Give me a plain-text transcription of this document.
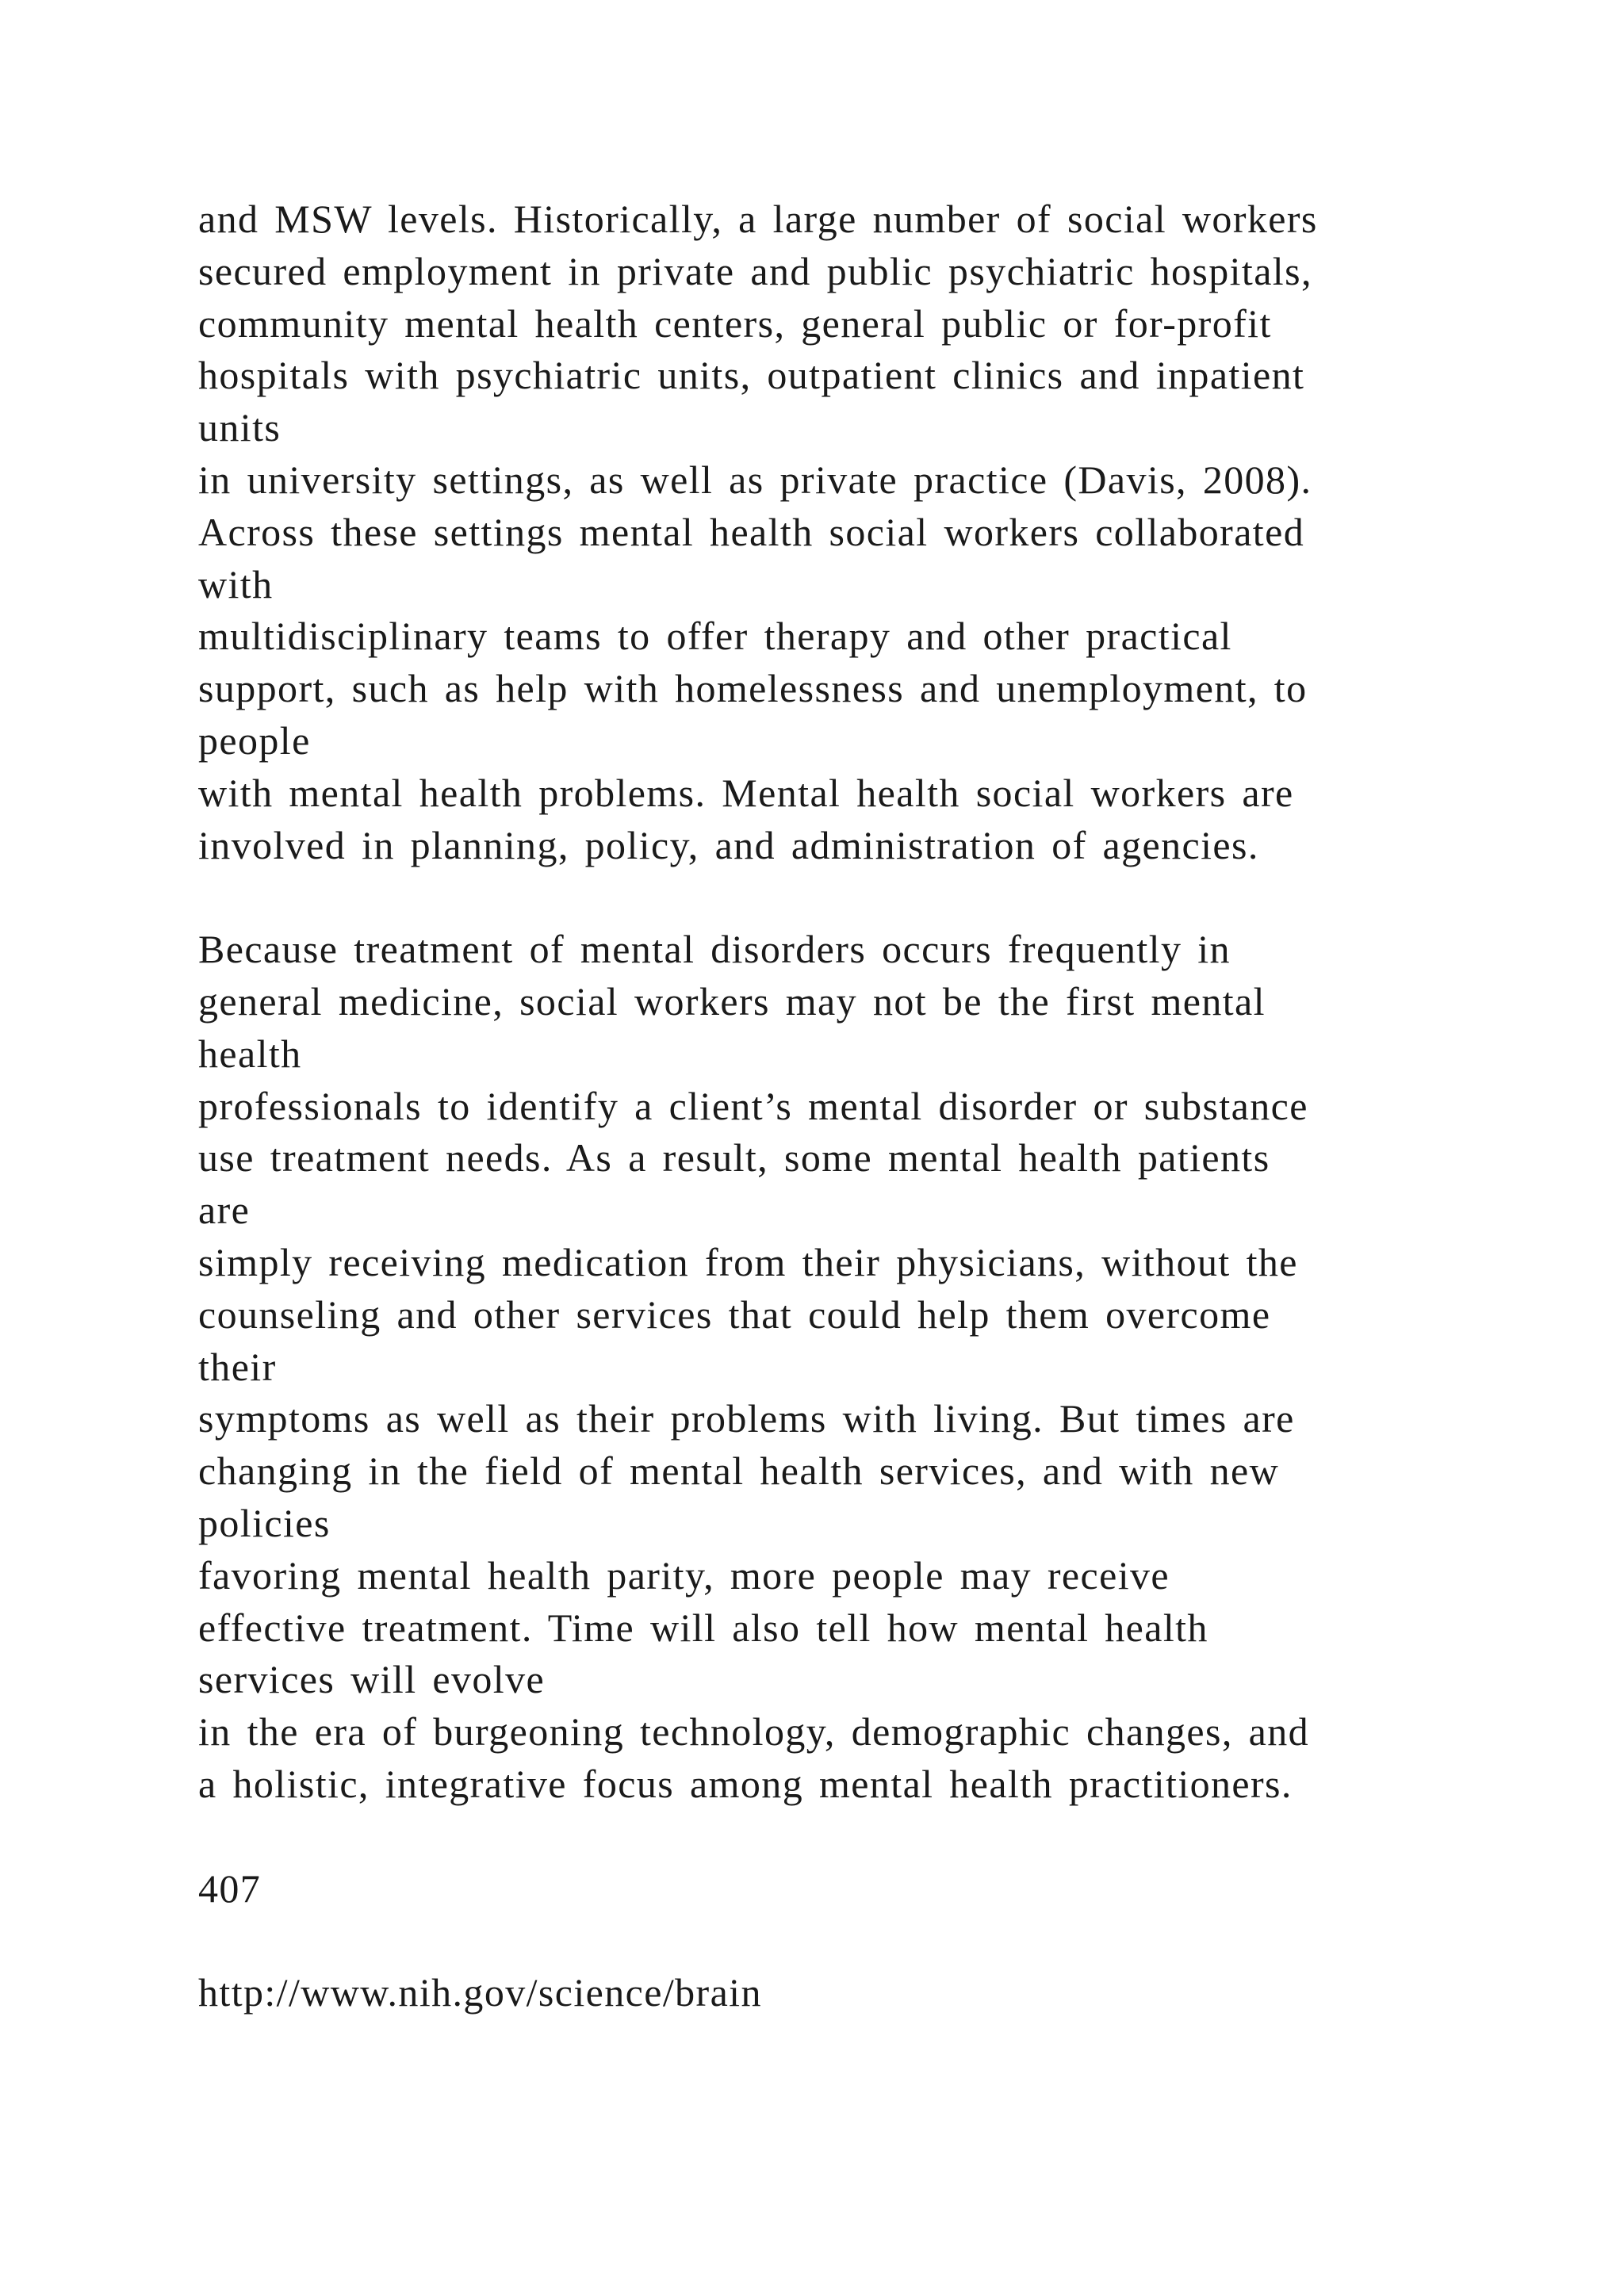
and MSW levels. Historically, a large number of social workers
secured employment in private and public psychiatric hospitals,
community mental health centers, general public or for-profit
hospitals with psychiatric units, outpatient clinics and inpatient
units
in university settings, as well as private practice (Davis, 2008).
Across these settings mental health social workers collaborated
with
multidisciplinary teams to offer therapy and other practical
support, such as help with homelessness and unemployment, to
people
with mental health problems. Mental health social workers are
involved in planning, policy, and administration of agencies.
Because treatment of mental disorders occurs frequently in
general medicine, social workers may not be the first mental
health
professionals to identify a client’s mental disorder or substance
use treatment needs. As a result, some mental health patients
are
simply receiving medication from their physicians, without the
counseling and other services that could help them overcome
their
symptoms as well as their problems with living. But times are
changing in the field of mental health services, and with new
policies
favoring mental health parity, more people may receive
effective treatment. Time will also tell how mental health
services will evolve
in the era of burgeoning technology, demographic changes, and
a holistic, integrative focus among mental health practitioners.
407
http://www.nih.gov/science/brain
